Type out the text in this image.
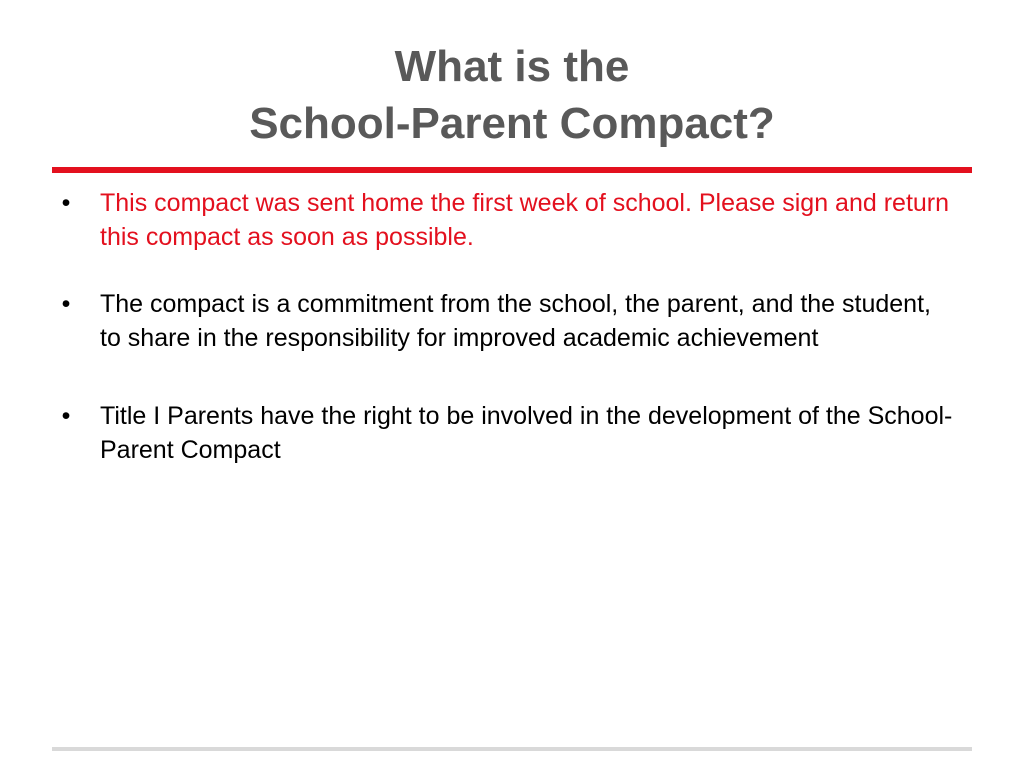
What is the
School-Parent Compact?
• This compact was sent home the first week of school. Please sign and return this compact as soon as possible.
• The compact is a commitment from the school, the parent, and the student, to share in the responsibility for improved academic achievement
• Title I Parents have the right to be involved in the development of the School-Parent Compact
